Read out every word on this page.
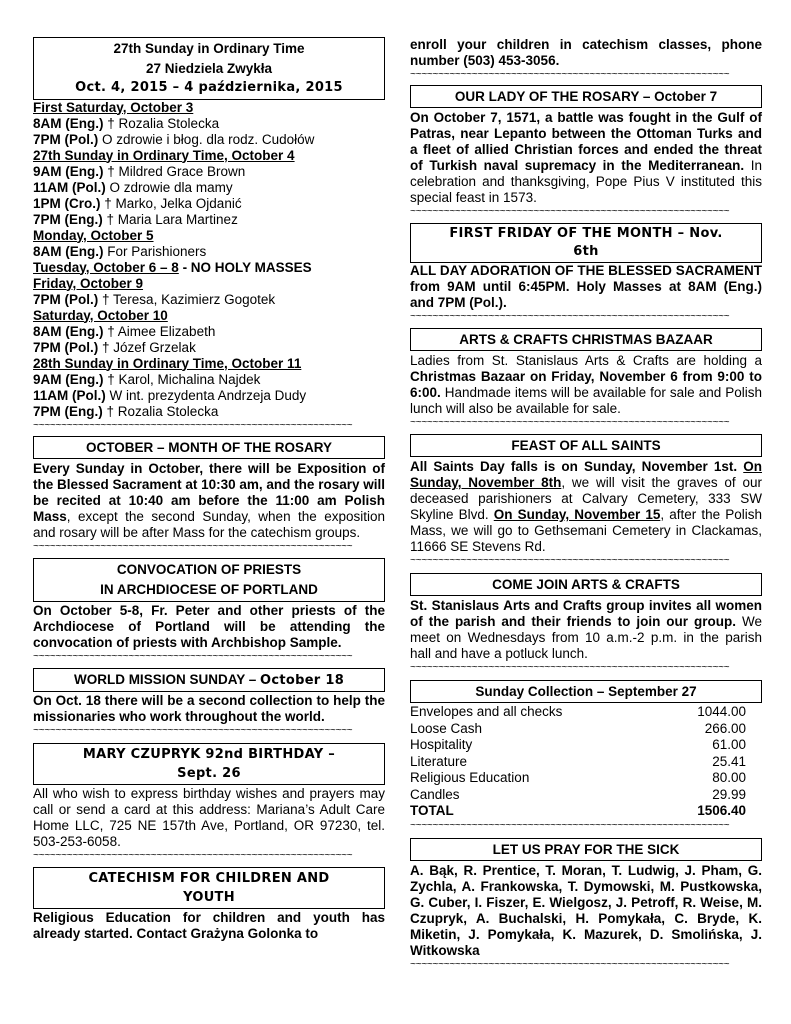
27th Sunday in Ordinary Time
27 Niedziela Zwykła
Oct. 4, 2015 – 4 października, 2015
First Saturday, October 3
8AM (Eng.) † Rozalia Stolecka
7PM (Pol.) O zdrowie i błog. dla rodz. Cudołów
27th Sunday in Ordinary Time, October 4
9AM (Eng.) † Mildred Grace Brown
11AM (Pol.) O zdrowie dla mamy
1PM (Cro.) † Marko, Jelka Ojdanić
7PM (Eng.) † Maria Lara Martinez
Monday, October 5
8AM (Eng.) For Parishioners
Tuesday, October 6 – 8 - NO HOLY MASSES
Friday, October 9
7PM (Pol.) † Teresa, Kazimierz Gogotek
Saturday, October 10
8AM (Eng.) † Aimee Elizabeth
7PM (Pol.) † Józef Grzelak
28th Sunday in Ordinary Time, October 11
9AM (Eng.) † Karol, Michalina Najdek
11AM (Pol.) W int. prezydenta Andrzeja Dudy
7PM (Eng.) † Rozalia Stolecka
~~~~~~~~~~~~~~~~~~~~~~~~~~~~~~~~~~~~~~~~~~~~~~~~~~~~~~~~~
OCTOBER – MONTH OF THE ROSARY
Every Sunday in October, there will be Exposition of the Blessed Sacrament at 10:30 am, and the rosary will be recited at 10:40 am before the 11:00 am Polish Mass, except the second Sunday, when the exposition and rosary will be after Mass for the catechism groups.
~~~~~~~~~~~~~~~~~~~~~~~~~~~~~~~~~~~~~~~~~~~~~~~~~~~~~~~~~
CONVOCATION OF PRIESTS
IN ARCHDIOCESE OF PORTLAND
On October 5-8, Fr. Peter and other priests of the Archdiocese of Portland will be attending the convocation of priests with Archbishop Sample.
~~~~~~~~~~~~~~~~~~~~~~~~~~~~~~~~~~~~~~~~~~~~~~~~~~~~~~~~~
WORLD MISSION SUNDAY – October 18
On Oct. 18 there will be a second collection to help the missionaries who work throughout the world.
~~~~~~~~~~~~~~~~~~~~~~~~~~~~~~~~~~~~~~~~~~~~~~~~~~~~~~~~~
MARY CZUPRYK 92nd BIRTHDAY –
Sept. 26
All who wish to express birthday wishes and prayers may call or send a card at this address: Mariana’s Adult Care Home LLC, 725 NE 157th Ave, Portland, OR 97230, tel. 503-253-6058.
~~~~~~~~~~~~~~~~~~~~~~~~~~~~~~~~~~~~~~~~~~~~~~~~~~~~~~~~~
CATECHISM FOR CHILDREN AND
YOUTH
Religious Education for children and youth has already started. Contact Grażyna Golonka to
enroll your children in catechism classes, phone number (503) 453-3056.
~~~~~~~~~~~~~~~~~~~~~~~~~~~~~~~~~~~~~~~~~~~~~~~~~~~~~~~~~
OUR LADY OF THE ROSARY – October 7
On October 7, 1571, a battle was fought in the Gulf of Patras, near Lepanto between the Ottoman Turks and a fleet of allied Christian forces and ended the threat of Turkish naval supremacy in the Mediterranean. In celebration and thanksgiving, Pope Pius V instituted this special feast in 1573.
~~~~~~~~~~~~~~~~~~~~~~~~~~~~~~~~~~~~~~~~~~~~~~~~~~~~~~~~~
FIRST FRIDAY OF THE MONTH – Nov.
6th
ALL DAY ADORATION OF THE BLESSED SACRAMENT from 9AM until 6:45PM. Holy Masses at 8AM (Eng.) and 7PM (Pol.).
~~~~~~~~~~~~~~~~~~~~~~~~~~~~~~~~~~~~~~~~~~~~~~~~~~~~~~~~~
ARTS & CRAFTS CHRISTMAS BAZAAR
Ladies from St. Stanislaus Arts & Crafts are holding a Christmas Bazaar on Friday, November 6 from 9:00 to 6:00. Handmade items will be available for sale and Polish lunch will also be available for sale.
~~~~~~~~~~~~~~~~~~~~~~~~~~~~~~~~~~~~~~~~~~~~~~~~~~~~~~~~~
FEAST OF ALL SAINTS
All Saints Day falls is on Sunday, November 1st. On Sunday, November 8th, we will visit the graves of our deceased parishioners at Calvary Cemetery, 333 SW Skyline Blvd. On Sunday, November 15, after the Polish Mass, we will go to Gethsemani Cemetery in Clackamas, 11666 SE Stevens Rd.
~~~~~~~~~~~~~~~~~~~~~~~~~~~~~~~~~~~~~~~~~~~~~~~~~~~~~~~~~
COME JOIN ARTS & CRAFTS
St. Stanislaus Arts and Crafts group invites all women of the parish and their friends to join our group. We meet on Wednesdays from 10 a.m.-2 p.m. in the parish hall and have a potluck lunch.
~~~~~~~~~~~~~~~~~~~~~~~~~~~~~~~~~~~~~~~~~~~~~~~~~~~~~~~~~
Sunday Collection – September 27
Envelopes and all checks	1044.00
Loose Cash	266.00
Hospitality	61.00
Literature	25.41
Religious Education	80.00
Candles	29.99
TOTAL	1506.40
~~~~~~~~~~~~~~~~~~~~~~~~~~~~~~~~~~~~~~~~~~~~~~~~~~~~~~~~~
LET US PRAY FOR THE SICK
A. Bąk, R. Prentice, T. Moran, T. Ludwig, J. Pham, G. Zychla, A. Frankowska, T. Dymowski, M. Pustkowska, G. Cuber, I. Fiszer, E. Wielgosz, J. Petroff, R. Weise, M. Czupryk, A. Buchalski, H. Pomykała, C. Bryde, K. Miketin, J. Pomykała, K. Mazurek, D. Smolińska, J. Witkowska
~~~~~~~~~~~~~~~~~~~~~~~~~~~~~~~~~~~~~~~~~~~~~~~~~~~~~~~~~
